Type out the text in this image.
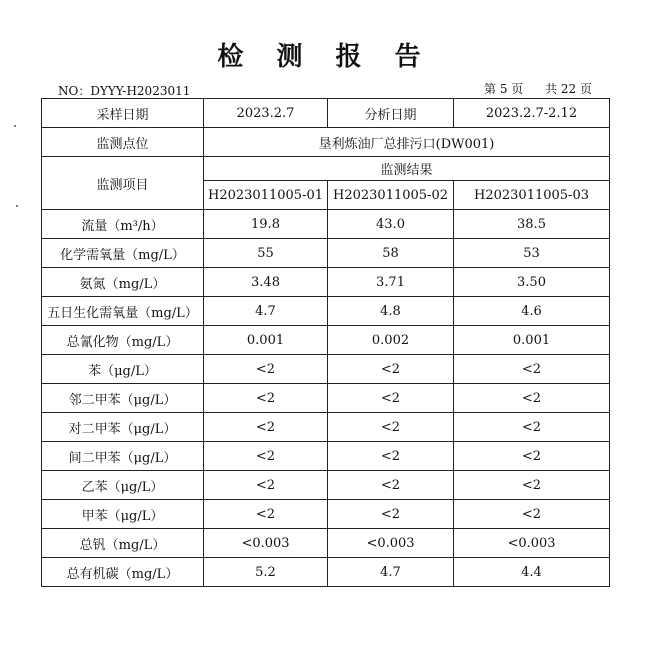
检 测 报 告
NO：DYYY-H2023011	第 5 页 共 22 页
采样日期	2023.2.7	分析日期	2023.2.7-2.12
监测点位	垦利炼油厂总排污口(DW001)		
监测项目	监测结果		
	H2023011005-01	H2023011005-02	H2023011005-03
流量（m³/h）	19.8	43.0	38.5
化学需氧量（mg/L）	55	58	53
氨氮（mg/L）	3.48	3.71	3.50
五日生化需氧量（mg/L）	4.7	4.8	4.6
总氰化物（mg/L）	0.001	0.002	0.001
苯（μg/L）	<2	<2	<2
邻二甲苯（μg/L）	<2	<2	<2
对二甲苯（μg/L）	<2	<2	<2
间二甲苯（μg/L）	<2	<2	<2
乙苯（μg/L）	<2	<2	<2
甲苯（μg/L）	<2	<2	<2
总钒（mg/L）	<0.003	<0.003	<0.003
总有机碳（mg/L）	5.2	4.7	4.4
